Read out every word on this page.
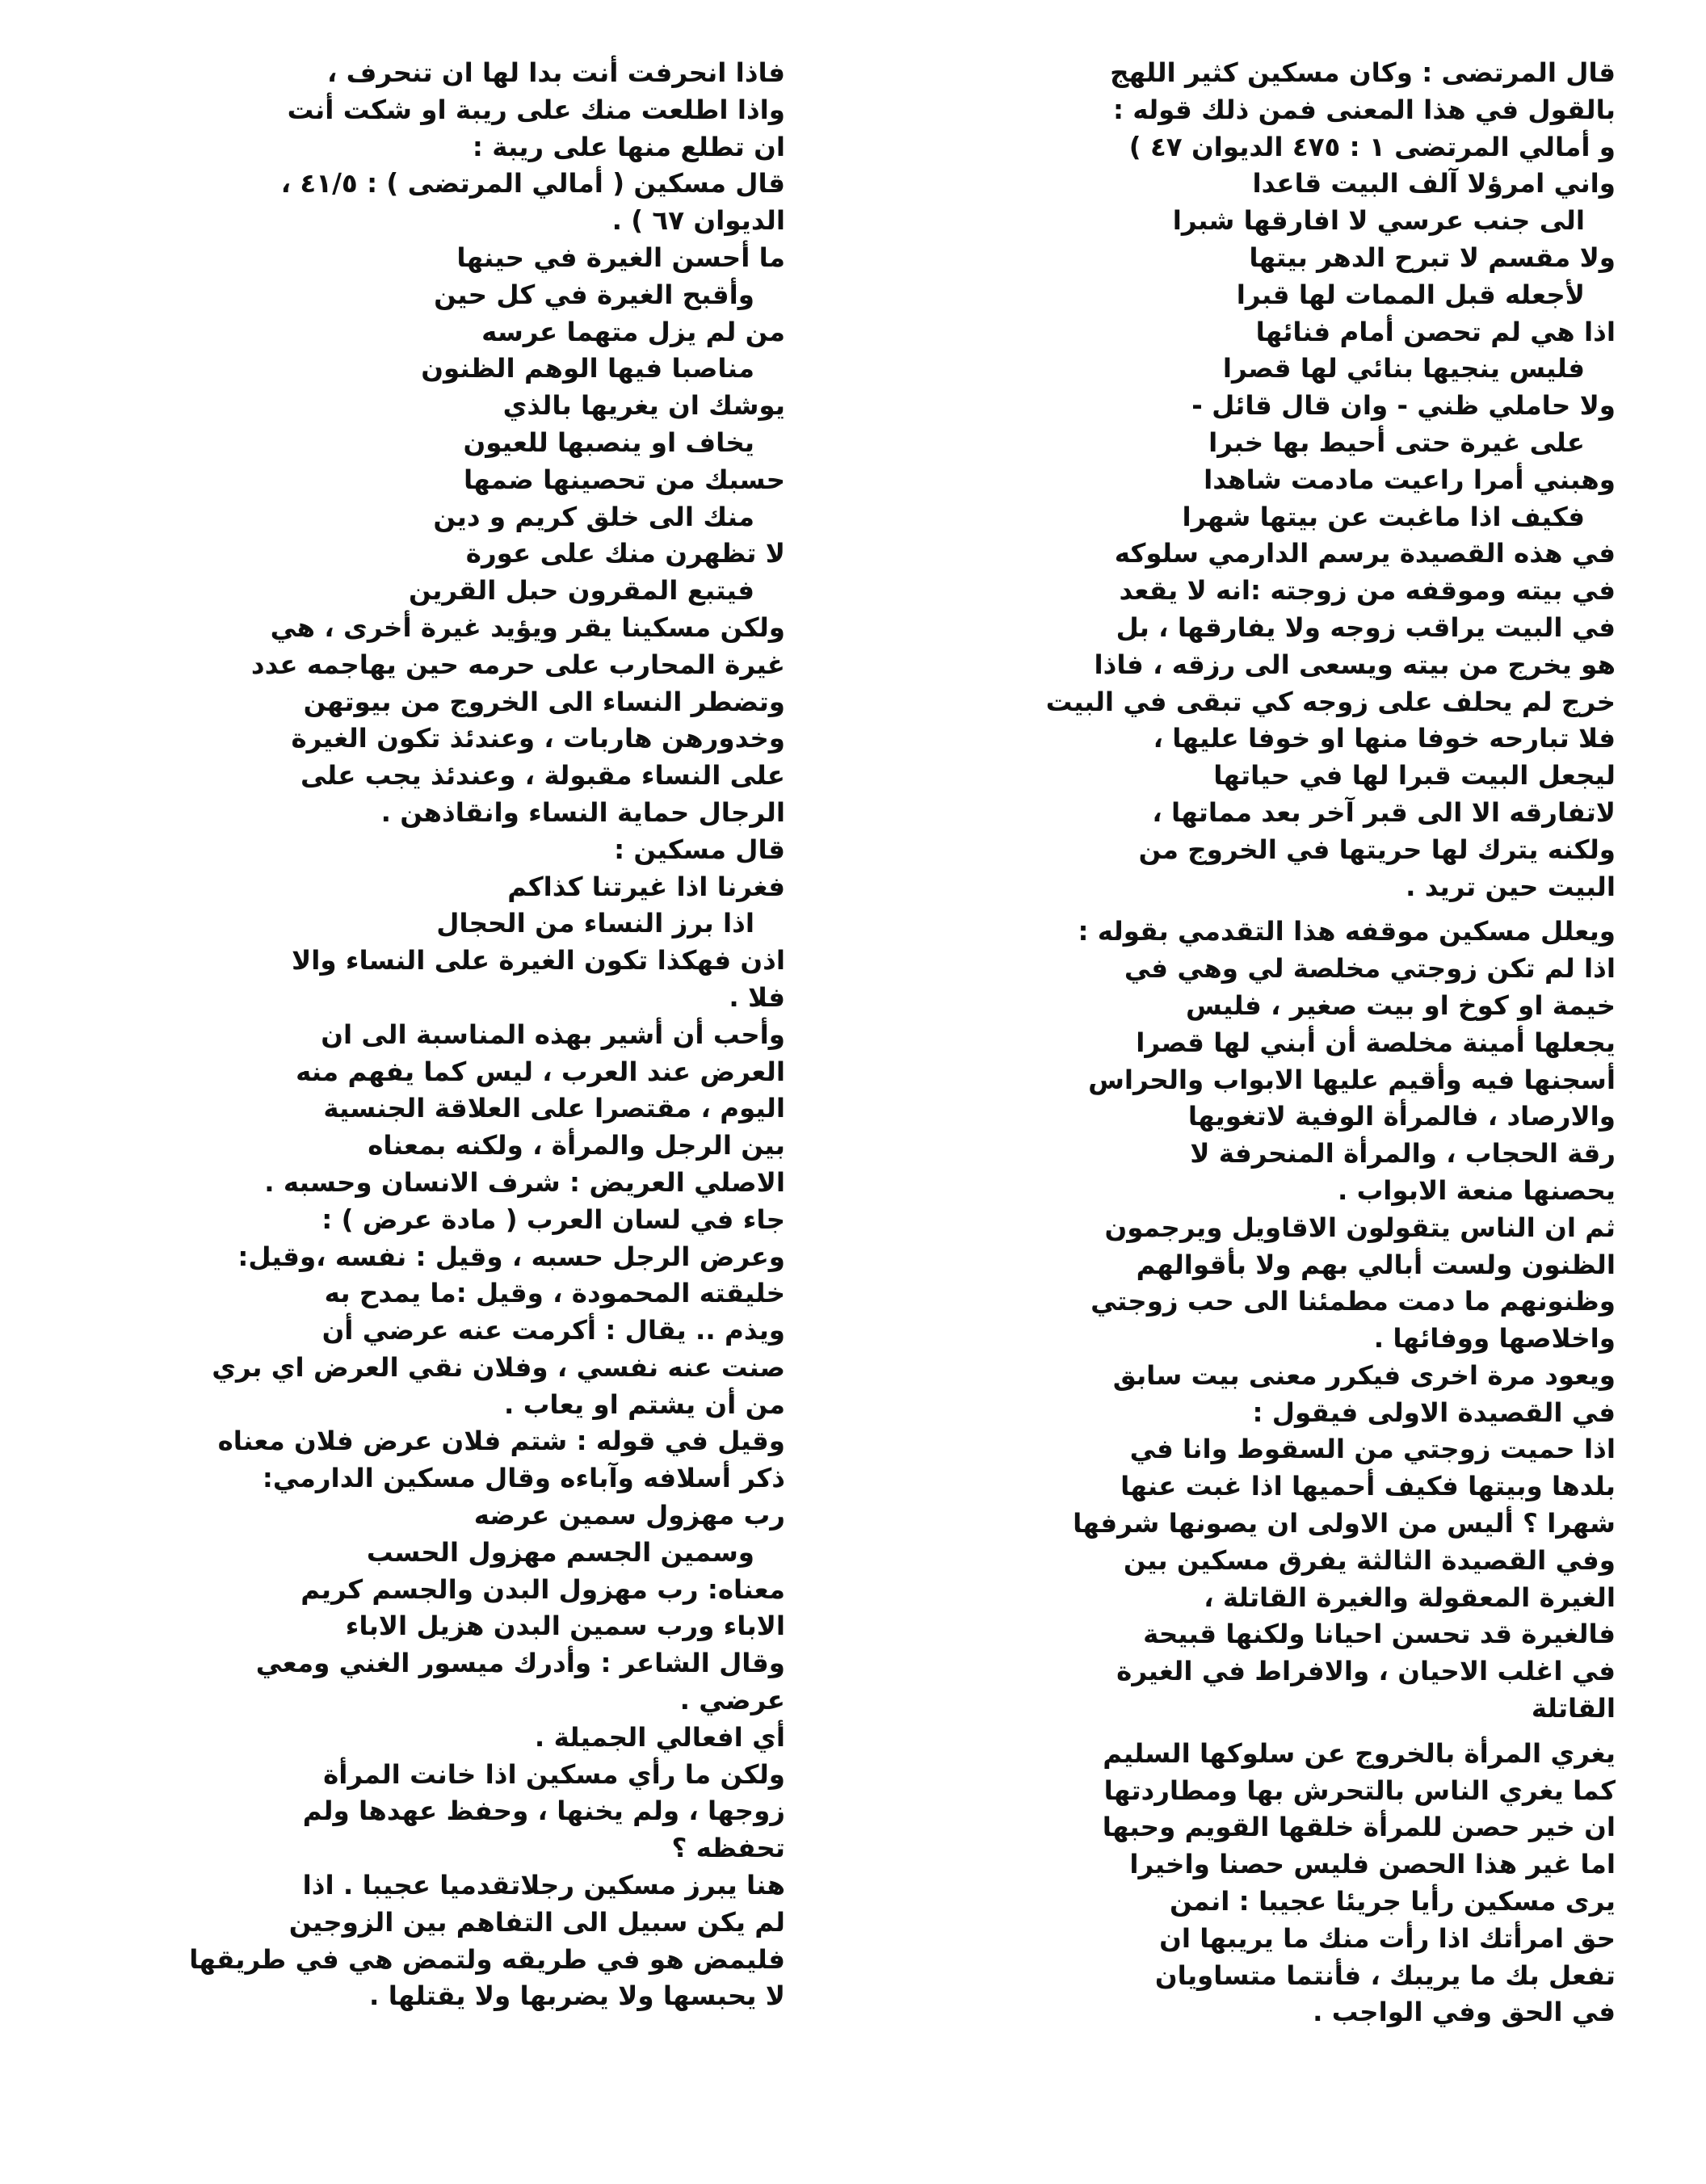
قال المرتضى : وكان مسكين كثير اللهج
بالقول في هذا المعنى فمن ذلك قوله :
و أمالي المرتضى ١ : ٤٧٥ الديوان ٤٧ )
واني امرؤلا آلف البيت قاعدا
الى جنب عرسي لا افارقها شبرا
ولا مقسم لا تبرح الدهر بيتها
لأجعله قبل الممات لها قبرا
اذا هي لم تحصن أمام فنائها
فليس ينجيها بنائي لها قصرا
ولا حاملي ظني - وان قال قائل -
على غيرة حتى أحيط بها خبرا
وهبني أمرا راعيت مادمت شاهدا
فكيف اذا ماغبت عن بيتها شهرا
في هذه القصيدة يرسم الدارمي سلوكه
في بيته وموقفه من زوجته :انه لا يقعد
في البيت يراقب زوجه ولا يفارقها ، بل
هو يخرج من بيته ويسعى الى رزقه ، فاذا
خرج لم يحلف على زوجه كي تبقى في البيت
فلا تبارحه خوفا منها او خوفا عليها ،
ليجعل البيت قبرا لها في حياتها
لاتفارقه الا الى قبر آخر بعد مماتها ،
ولكنه يترك لها حريتها في الخروج من
البيت حين تريد .
ويعلل مسكين موقفه هذا التقدمي بقوله :
اذا لم تكن زوجتي مخلصة لي وهي في
خيمة او كوخ او بيت صغير ، فليس
يجعلها أمينة مخلصة أن أبني لها قصرا
أسجنها فيه وأقيم عليها الابواب والحراس
والارصاد ، فالمرأة الوفية لاتغويها
رقة الحجاب ، والمرأة المنحرفة لا
يحصنها منعة الابواب .
ثم ان الناس يتقولون الاقاويل ويرجمون
الظنون ولست أبالي بهم ولا بأقوالهم
وظنونهم ما دمت مطمئنا الى حب زوجتي
واخلاصها ووفائها .
ويعود مرة اخرى فيكرر معنى بيت سابق
في القصيدة الاولى فيقول :
اذا حميت زوجتي من السقوط وانا في
بلدها وبيتها فكيف أحميها اذا غبت عنها
شهرا ؟ أليس من الاولى ان يصونها شرفها
وفي القصيدة الثالثة يفرق مسكين بين
الغيرة المعقولة والغيرة القاتلة ،
فالغيرة قد تحسن احيانا ولكنها قبيحة
في اغلب الاحيان ، والافراط في الغيرة
القاتلة
يغري المرأة بالخروج عن سلوكها السليم
كما يغري الناس بالتحرش بها ومطاردتها
ان خير حصن للمرأة خلقها القويم وحبها
اما غير هذا الحصن فليس حصنا واخيرا
يرى مسكين رأيا جريئا عجيبا : انمن
حق امرأتك اذا رأت منك ما يريبها ان
تفعل بك ما يريبك ، فأنتما متساويان
في الحق وفي الواجب .
فاذا انحرفت أنت بدا لها ان تنحرف ،
واذا اطلعت منك على ريبة او شكت أنت
ان تطلع منها على ريبة :
قال مسكين ( أمالي المرتضى ) : ٤١/٥ ،
الديوان ٦٧ ) .
ما أحسن الغيرة في حينها
وأقبح الغيرة في كل حين
من لم يزل متهما عرسه
مناصبا فيها الوهم الظنون
يوشك ان يغريها بالذي
يخاف او ينصبها للعيون
حسبك من تحصينها ضمها
منك الى خلق كريم و دين
لا تظهرن منك على عورة
فيتبع المقرون حبل القرين
ولكن مسكينا يقر ويؤيد غيرة أخرى ، هي
غيرة المحارب على حرمه حين يهاجمه عدد
وتضطر النساء الى الخروج من بيوتهن
وخدورهن هاربات ، وعندئذ تكون الغيرة
على النساء مقبولة ، وعندئذ يجب على
الرجال حماية النساء وانقاذهن .
قال مسكين :
فغرنا اذا غيرتنا كذاكم
اذا برز النساء من الحجال
اذن فهكذا تكون الغيرة على النساء والا
فلا .
وأحب أن أشير بهذه المناسبة الى ان
العرض عند العرب ، ليس كما يفهم منه
اليوم ، مقتصرا على العلاقة الجنسية
بين الرجل والمرأة ، ولكنه بمعناه
الاصلي العريض : شرف الانسان وحسبه .
جاء في لسان العرب ( مادة عرض ) :
وعرض الرجل حسبه ، وقيل : نفسه ،وقيل:
خليقته المحمودة ، وقيل :ما يمدح به
ويذم .. يقال : أكرمت عنه عرضي أن
صنت عنه نفسي ، وفلان نقي العرض اي بري
من أن يشتم او يعاب .
وقيل في قوله : شتم فلان عرض فلان معناه
ذكر أسلافه وآباءه وقال مسكين الدارمي:
رب مهزول سمين عرضه
وسمين الجسم مهزول الحسب
معناه: رب مهزول البدن والجسم كريم
الاباء ورب سمين البدن هزيل الاباء
وقال الشاعر : وأدرك ميسور الغني ومعي
عرضي .
أي افعالي الجميلة .
ولكن ما رأي مسكين اذا خانت المرأة
زوجها ، ولم يخنها ، وحفظ عهدها ولم
تحفظه ؟
هنا يبرز مسكين رجلاتقدميا عجيبا . اذا
لم يكن سبيل الى التفاهم بين الزوجين
فليمض هو في طريقه ولتمض هي في طريقها
لا يحبسها ولا يضربها ولا يقتلها .
